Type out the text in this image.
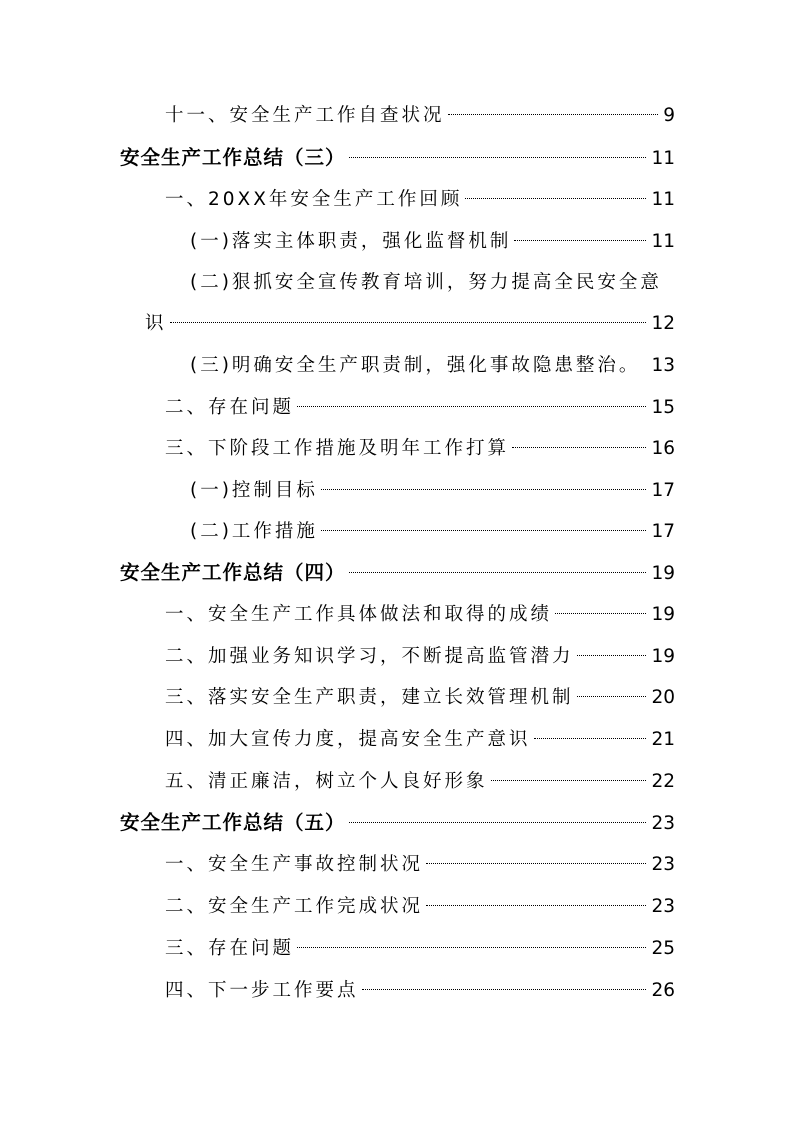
十一、安全生产工作自查状况	9
安全生产工作总结（三）	11
一、20XX年安全生产工作回顾	11
(一)落实主体职责，强化监督机制	11
(二)狠抓安全宣传教育培训，努力提高全民安全意
识	12
(三)明确安全生产职责制，强化事故隐患整治。 13
二、存在问题	15
三、下阶段工作措施及明年工作打算	16
(一)控制目标	17
(二)工作措施	17
安全生产工作总结（四）	19
一、安全生产工作具体做法和取得的成绩	19
二、加强业务知识学习，不断提高监管潜力	19
三、落实安全生产职责，建立长效管理机制	20
四、加大宣传力度，提高安全生产意识	21
五、清正廉洁，树立个人良好形象	22
安全生产工作总结（五）	23
一、安全生产事故控制状况	23
二、安全生产工作完成状况	23
三、存在问题	25
四、下一步工作要点	26
